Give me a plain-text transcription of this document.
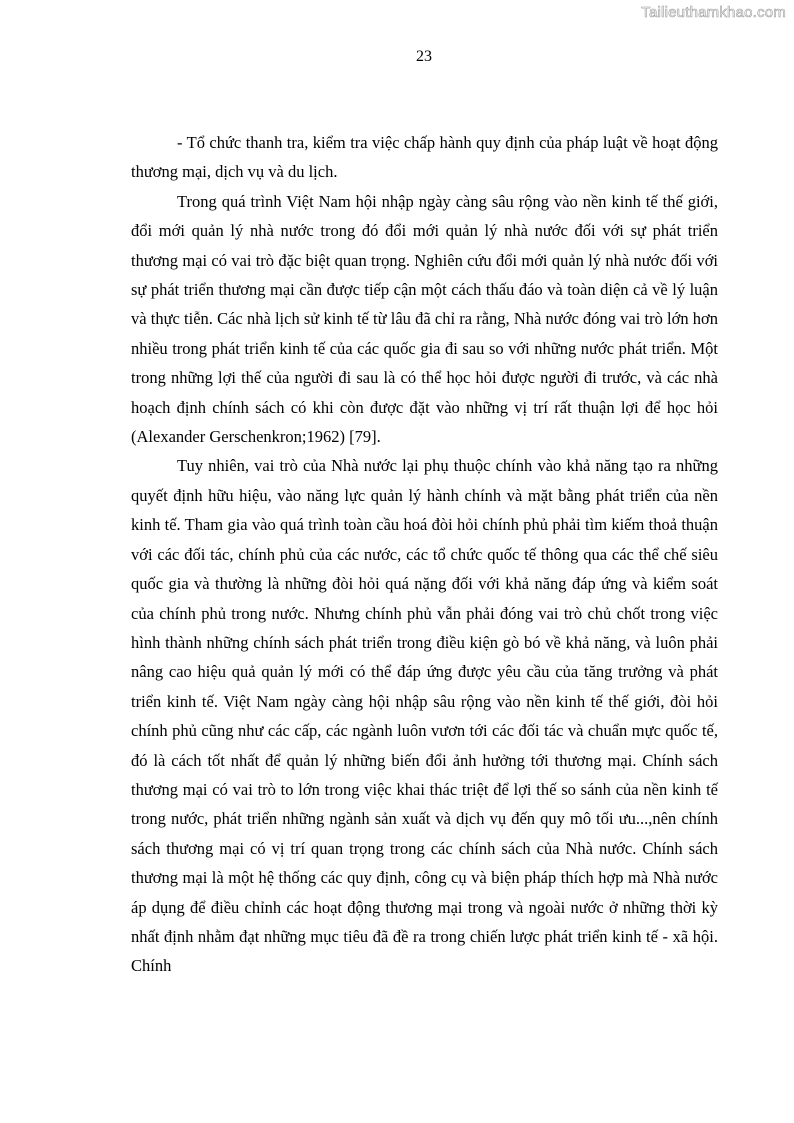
Tailieuthamkhao.com
23

- Tổ chức thanh tra, kiểm tra việc chấp hành quy định của pháp luật về hoạt động thương mại, dịch vụ và du lịch.

Trong quá trình Việt Nam hội nhập ngày càng sâu rộng vào nền kinh tế thế giới, đổi mới quản lý nhà nước trong đó đổi mới quản lý nhà nước đối với sự phát triển thương mại có vai trò đặc biệt quan trọng. Nghiên cứu đổi mới quản lý nhà nước đối với sự phát triển thương mại cần được tiếp cận một cách thấu đáo và toàn diện cả về lý luận và thực tiễn. Các nhà lịch sử kinh tế từ lâu đã chỉ ra rằng, Nhà nước đóng vai trò lớn hơn nhiều trong phát triển kinh tế của các quốc gia đi sau so với những nước phát triển. Một trong những lợi thế của người đi sau là có thể học hỏi được người đi trước, và các nhà hoạch định chính sách có khi còn được đặt vào những vị trí rất thuận lợi để học hỏi (Alexander Gerschenkron;1962) [79].

Tuy nhiên, vai trò của Nhà nước lại phụ thuộc chính vào khả năng tạo ra những quyết định hữu hiệu, vào năng lực quản lý hành chính và mặt bằng phát triển của nền kinh tế. Tham gia vào quá trình toàn cầu hoá đòi hỏi chính phủ phải tìm kiếm thoả thuận với các đối tác, chính phủ của các nước, các tổ chức quốc tế thông qua các thể chế siêu quốc gia và thường là những đòi hỏi quá nặng đối với khả năng đáp ứng và kiểm soát của chính phủ trong nước. Nhưng chính phủ vẫn phải đóng vai trò chủ chốt trong việc hình thành những chính sách phát triển trong điều kiện gò bó về khả năng, và luôn phải nâng cao hiệu quả quản lý mới có thể đáp ứng được yêu cầu của tăng trưởng và phát triển kinh tế. Việt Nam ngày càng hội nhập sâu rộng vào nền kinh tế thế giới, đòi hỏi chính phủ cũng như các cấp, các ngành luôn vươn tới các đối tác và chuẩn mực quốc tế, đó là cách tốt nhất để quản lý những biến đổi ảnh hưởng tới thương mại. Chính sách thương mại có vai trò to lớn trong việc khai thác triệt để lợi thế so sánh của nền kinh tế trong nước, phát triển những ngành sản xuất và dịch vụ đến quy mô tối ưu...,nên chính sách thương mại có vị trí quan trọng trong các chính sách của Nhà nước. Chính sách thương mại là một hệ thống các quy định, công cụ và biện pháp thích hợp mà Nhà nước áp dụng để điều chỉnh các hoạt động thương mại trong và ngoài nước ở những thời kỳ nhất định nhằm đạt những mục tiêu đã đề ra trong chiến lược phát triển kinh tế - xã hội. Chính
